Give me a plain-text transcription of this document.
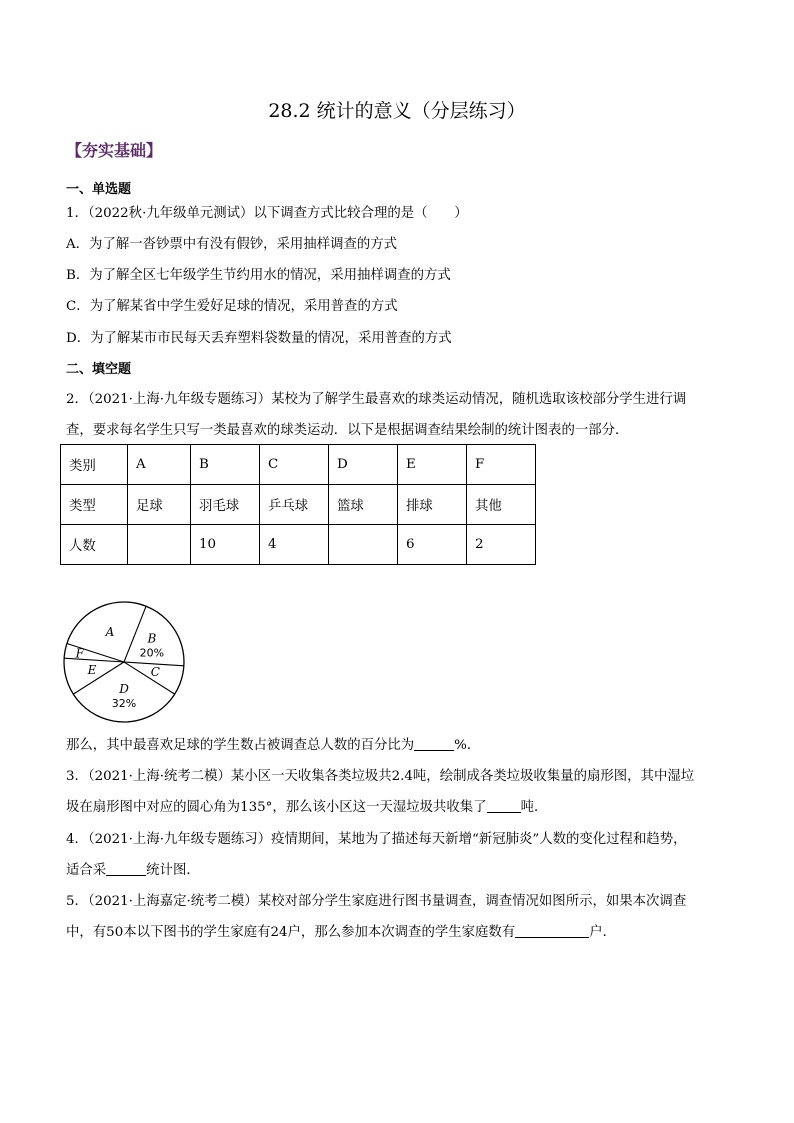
28.2 统计的意义（分层练习）
【夯实基础】
一、单选题
1．（2022秋·九年级单元测试）以下调查方式比较合理的是（　　）
A．为了解一沓钞票中有没有假钞，采用抽样调查的方式
B．为了解全区七年级学生节约用水的情况，采用抽样调查的方式
C．为了解某省中学生爱好足球的情况，采用普查的方式
D．为了解某市市民每天丢弃塑料袋数量的情况，采用普查的方式
二、填空题
2．（2021·上海·九年级专题练习）某校为了解学生最喜欢的球类运动情况，随机选取该校部分学生进行调
查，要求每名学生只写一类最喜欢的球类运动．以下是根据调查结果绘制的统计图表的一部分．
类别	A	B	C	D	E	F
类型	足球	羽毛球	乒乓球	篮球	排球	其他
人数		10	4		6	2
A	B
20%
C
D
32%
E
F
那么，其中最喜欢足球的学生数占被调查总人数的百分比为	%．
3．（2021·上海·统考二模）某小区一天收集各类垃圾共2.4吨，绘制成各类垃圾收集量的扇形图，其中湿垃
圾在扇形图中对应的圆心角为135°，那么该小区这一天湿垃圾共收集了	吨．
4．（2021·上海·九年级专题练习）疫情期间，某地为了描述每天新增“新冠肺炎”人数的变化过程和趋势，
适合采	统计图．
5．（2021·上海嘉定·统考二模）某校对部分学生家庭进行图书量调查，调查情况如图所示，如果本次调查
中，有50本以下图书的学生家庭有24户，那么参加本次调查的学生家庭数有	户．
